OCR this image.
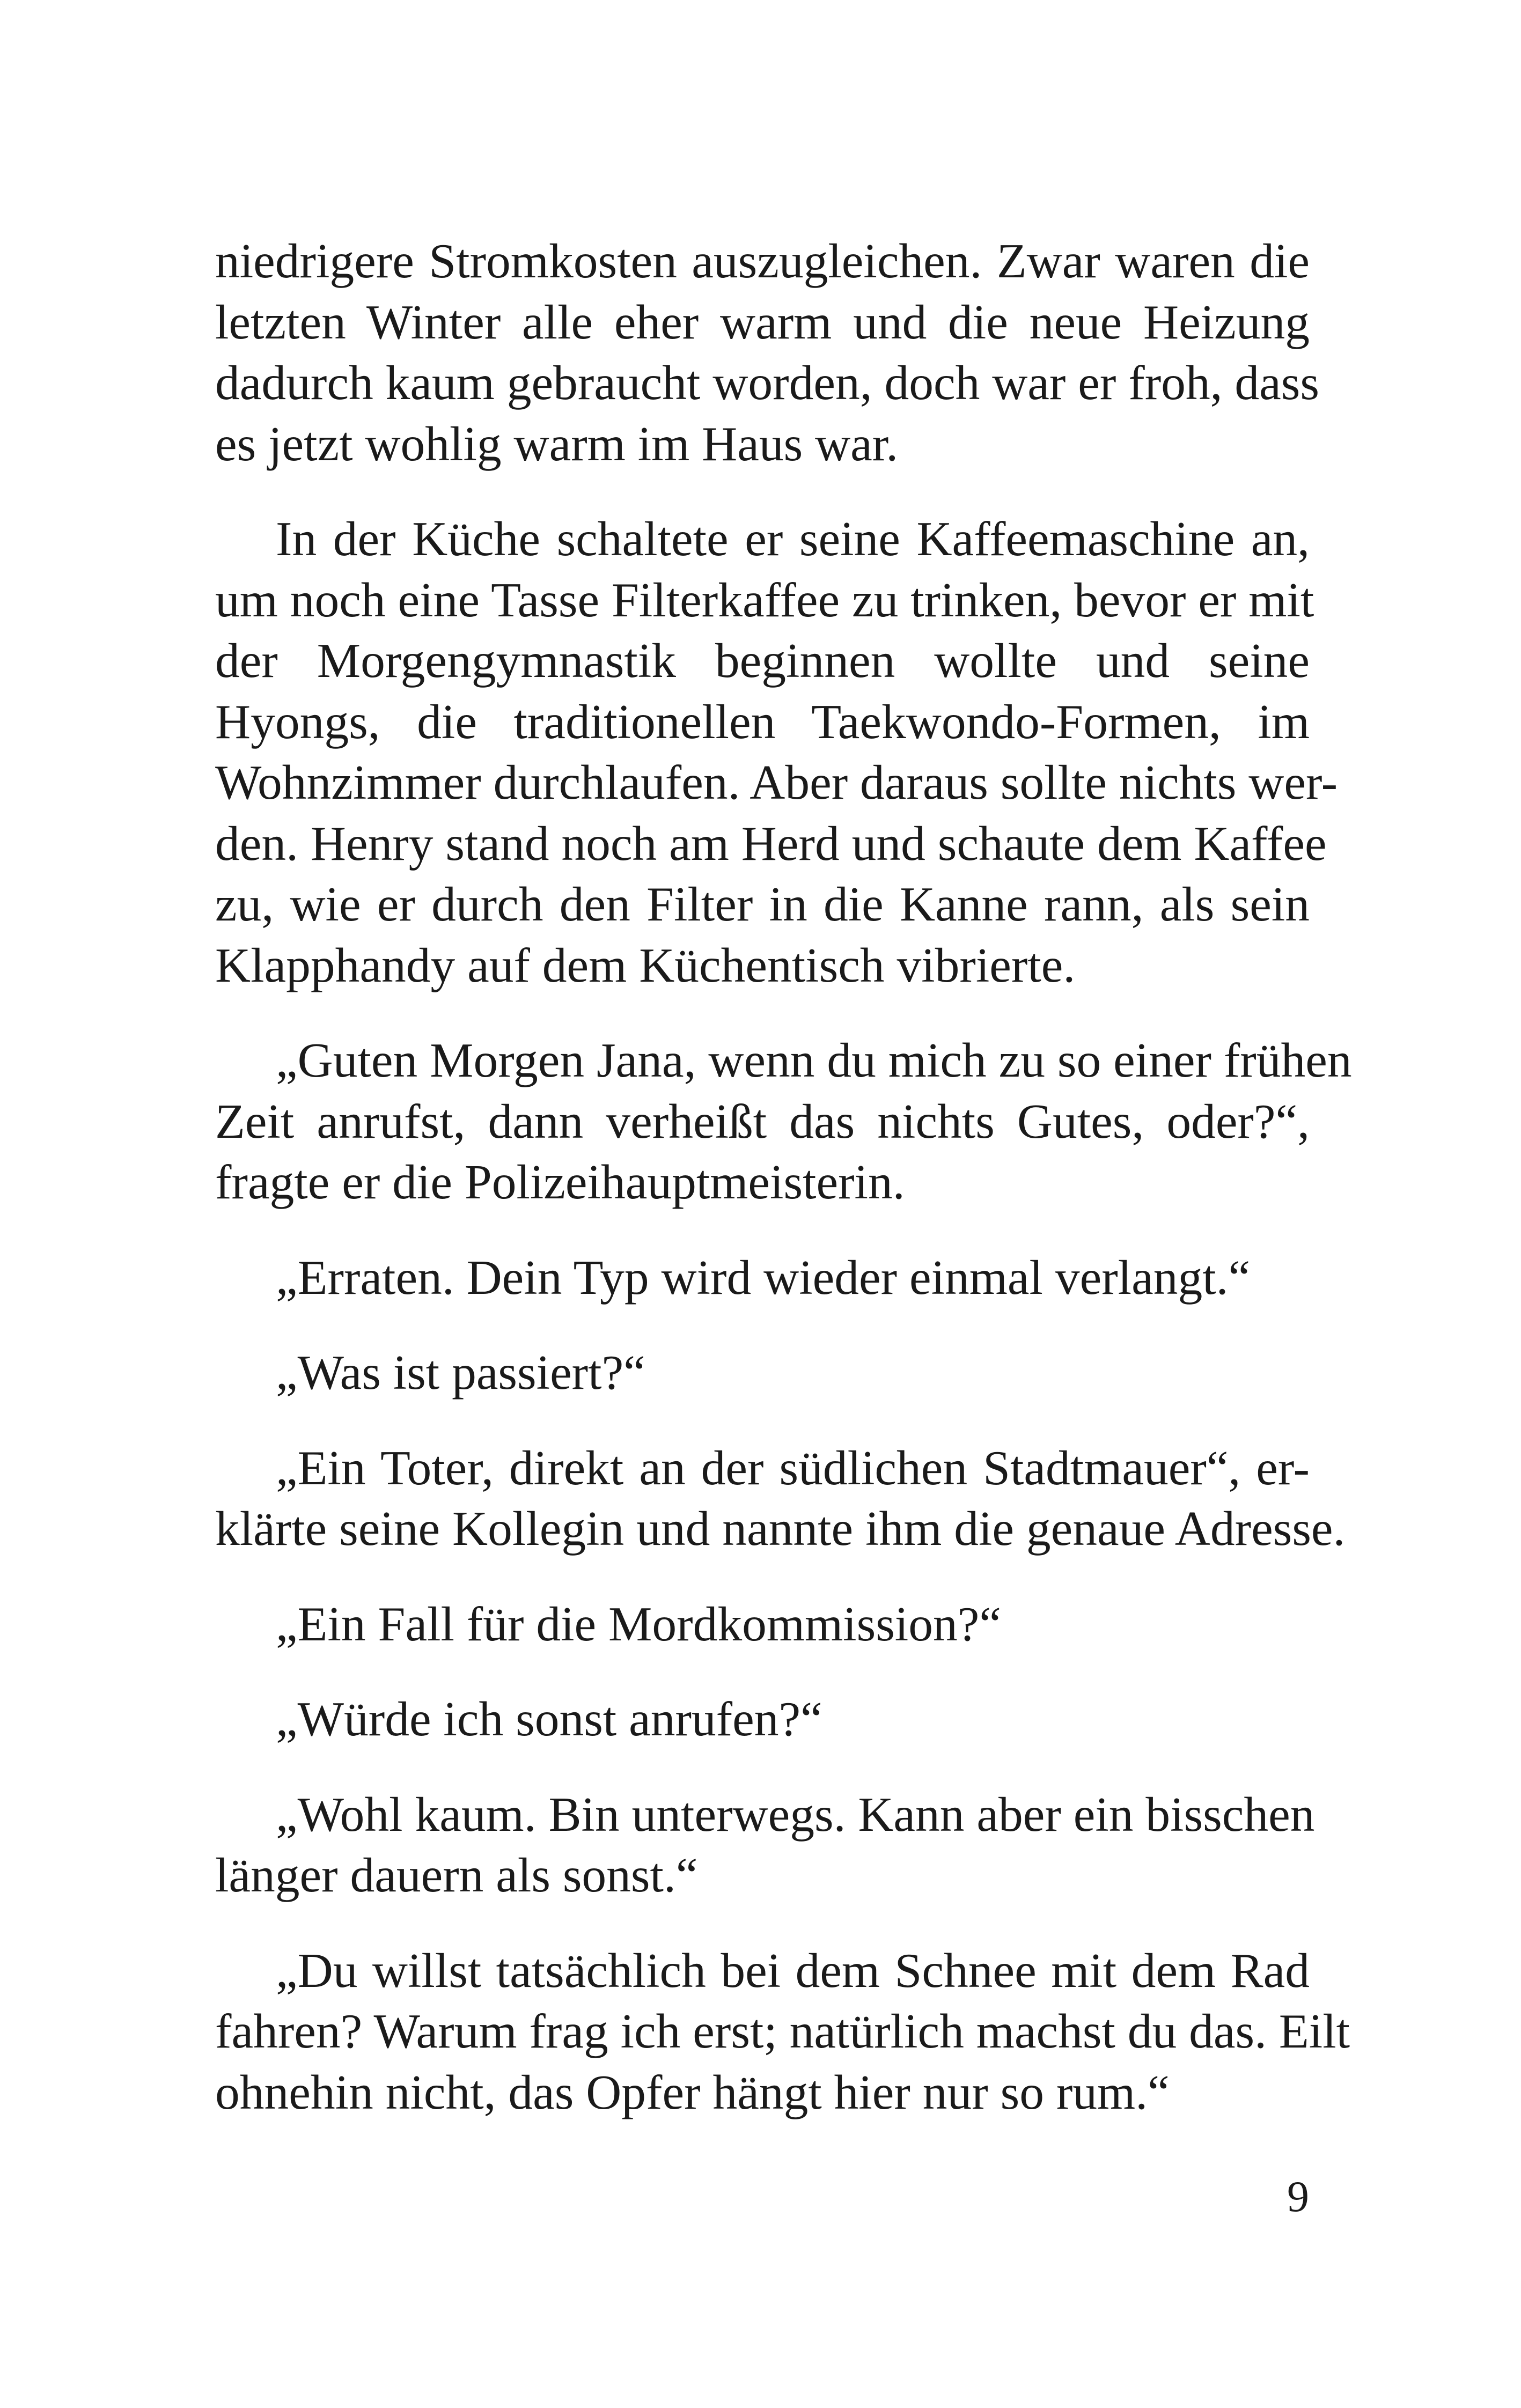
niedrigere Stromkosten auszugleichen. Zwar waren die
letzten Winter alle eher warm und die neue Heizung
dadurch kaum gebraucht worden, doch war er froh, dass
es jetzt wohlig warm im Haus war.

In der Küche schaltete er seine Kaffeemaschine an,
um noch eine Tasse Filterkaffee zu trinken, bevor er mit
der Morgengymnastik beginnen wollte und seine
Hyongs, die traditionellen Taekwondo-Formen, im
Wohnzimmer durchlaufen. Aber daraus sollte nichts wer-
den. Henry stand noch am Herd und schaute dem Kaffee
zu, wie er durch den Filter in die Kanne rann, als sein
Klapphandy auf dem Küchentisch vibrierte.

„Guten Morgen Jana, wenn du mich zu so einer frühen
Zeit anrufst, dann verheißt das nichts Gutes, oder?“,
fragte er die Polizeihauptmeisterin.

„Erraten. Dein Typ wird wieder einmal verlangt.“

„Was ist passiert?“

„Ein Toter, direkt an der südlichen Stadtmauer“, er-
klärte seine Kollegin und nannte ihm die genaue Adresse.

„Ein Fall für die Mordkommission?“

„Würde ich sonst anrufen?“

„Wohl kaum. Bin unterwegs. Kann aber ein bisschen
länger dauern als sonst.“

„Du willst tatsächlich bei dem Schnee mit dem Rad
fahren? Warum frag ich erst; natürlich machst du das. Eilt
ohnehin nicht, das Opfer hängt hier nur so rum.“

9
